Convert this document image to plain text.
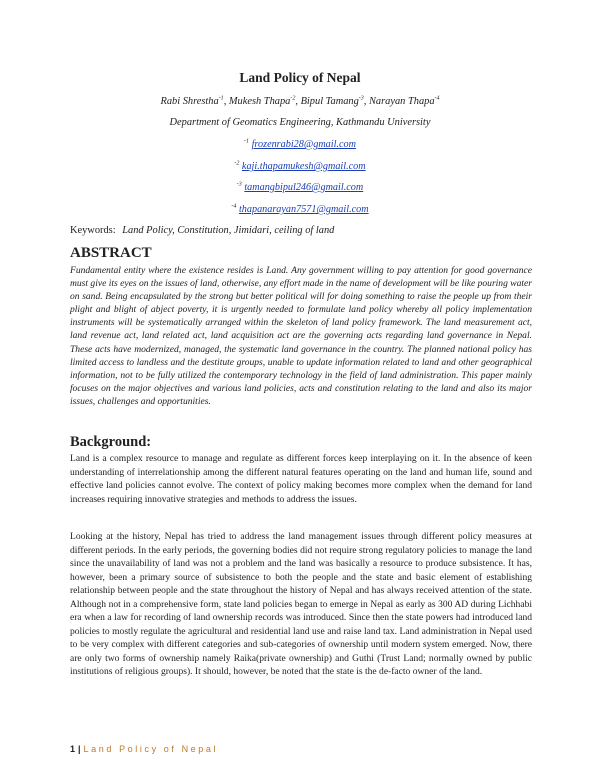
Land Policy of Nepal
Rabi Shrestha$^{-1}$, Mukesh Thapa$^{-2}$, Bipul Tamang$^{-3}$, Narayan Thapa$^{-4}$
Department of Geomatics Engineering, Kathmandu University
$^{-1}$ frozenrabi28@gmail.com
$^{-2}$ kaji.thapamukesh@gmail.com
$^{-3}$ tamangbipul246@gmail.com
$^{-4}$ thapanarayan7571@gmail.com
Keywords: Land Policy, Constitution, Jimidari, ceiling of land
ABSTRACT

Fundamental entity where the existence resides is Land. Any government willing to pay attention for good governance must give its eyes on the issues of land, otherwise, any effort made in the name of development will be like pouring water on sand. Being encapsulated by the strong but better political will for doing something to raise the people up from their plight and blight of abject poverty, it is urgently needed to formulate land policy whereby all policy implementation instruments will be systematically arranged within the skeleton of land policy framework. The land measurement act, land revenue act, land related act, land acquisition act are the governing acts regarding land governance in Nepal. These acts have modernized, managed, the systematic land governance in the country. The planned national policy has limited access to landless and the destitute groups, unable to update information related to land and other geographical information, not to be fully utilized the contemporary technology in the field of land administration. This paper mainly focuses on the major objectives and various land policies, acts and constitution relating to the land and also its major issues, challenges and opportunities.

Background:

Land is a complex resource to manage and regulate as different forces keep interplaying on it. In the absence of keen understanding of interrelationship among the different natural features operating on the land and human life, sound and effective land policies cannot evolve. The context of policy making becomes more complex when the demand for land increases requiring innovative strategies and methods to address the issues.

Looking at the history, Nepal has tried to address the land management issues through different policy measures at different periods. In the early periods, the governing bodies did not require strong regulatory policies to manage the land since the unavailability of land was not a problem and the land was basically a resource to produce subsistence. It has, however, been a primary source of subsistence to both the people and the state and basic element of establishing relationship between people and the state throughout the history of Nepal and has always received attention of the state. Although not in a comprehensive form, state land policies began to emerge in Nepal as early as 300 AD during Lichhabi era when a law for recording of land ownership records was introduced. Since then the state powers had introduced land policies to mostly regulate the agricultural and residential land use and raise land tax. Land administration in Nepal used to be very complex with different categories and sub-categories of ownership until modern system emerged. Now, there are only two forms of ownership namely Raika(private ownership) and Guthi (Trust Land; normally owned by public institutions of religious groups). It should, however, be noted that the state is the de-facto owner of the land.

1 | Land Policy of Nepal
